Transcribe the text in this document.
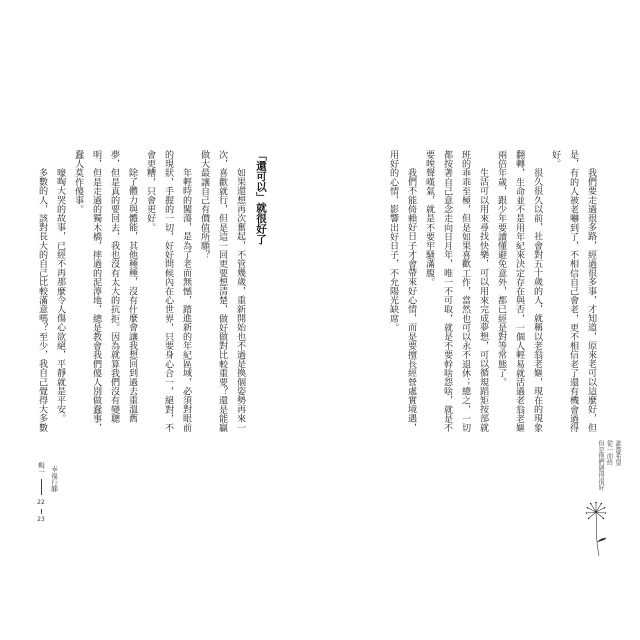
「還可以」就很好了
如果還想再次奮起，不管幾歲，重新開始也不過是換個姿勢再來一
次，喜歡就行，但是這一回更要想清楚，做好做對比較重要？還是能贏
做大最讓自己有價值所願？
年輕時的闖蕩，是為了老而無憾，踏進新的年紀區域，必須對眼前
的現狀，手握的一切，好好問候內在心世界，只要身心合一，絕對，不
會更糟，只會更好。
除了體力與體能，其他種種，沒有什麼會讓我想回到過去重溫舊
夢，但是真的要回去，我也沒有太大的抗拒。因為就算我們沒有變聰
明，但是走過的獨木橋，摔過的泥濘地，總是教會我們傻人別做蠢事，
蠢人莫作傻事。
嚎啕大哭的故事，已經不再那麼令人傷心欲絕，平靜就是平安。
多數的人，該對長大的自己比較滿意嗎？至少，我自己覺得大多數
輯一
22
23
幸福行腳
我們要走過很多路，經過很多事，才知道，原來老可以這麼好，但
是，有的人被老嚇到了，不相信自己會老，更不相信老了還有機會過得
好。
很久很久以前，社會對五十歲的人，就稱以老翁老嫗，現在的現象
翻轉，生命並不是用年紀來決定存在與否，一個人輕易就活過老翁老嫗
兩倍年歲，跟少年要讀懂避免意外，都已經是對等常態了。
生活可以用來尋找快樂，可以用來完成夢想，可以循規蹈矩按部就
班的乖乖至極，但是如果喜歡工作，當然也可以永不退休；總之，一切
都按著自己意念走向日月年，唯一不可取，就是不要幹啥怨啥，就是不
要唉聲嘆氣，就是不要牢騷滿腹。
我們不能倚賴好日子才會帶來好心情，而是要擅長經營處實境遇，
用好的心情，影響出好日子，不允陽光缺席。
誰都希望
從一而終
但是他們過得很好
